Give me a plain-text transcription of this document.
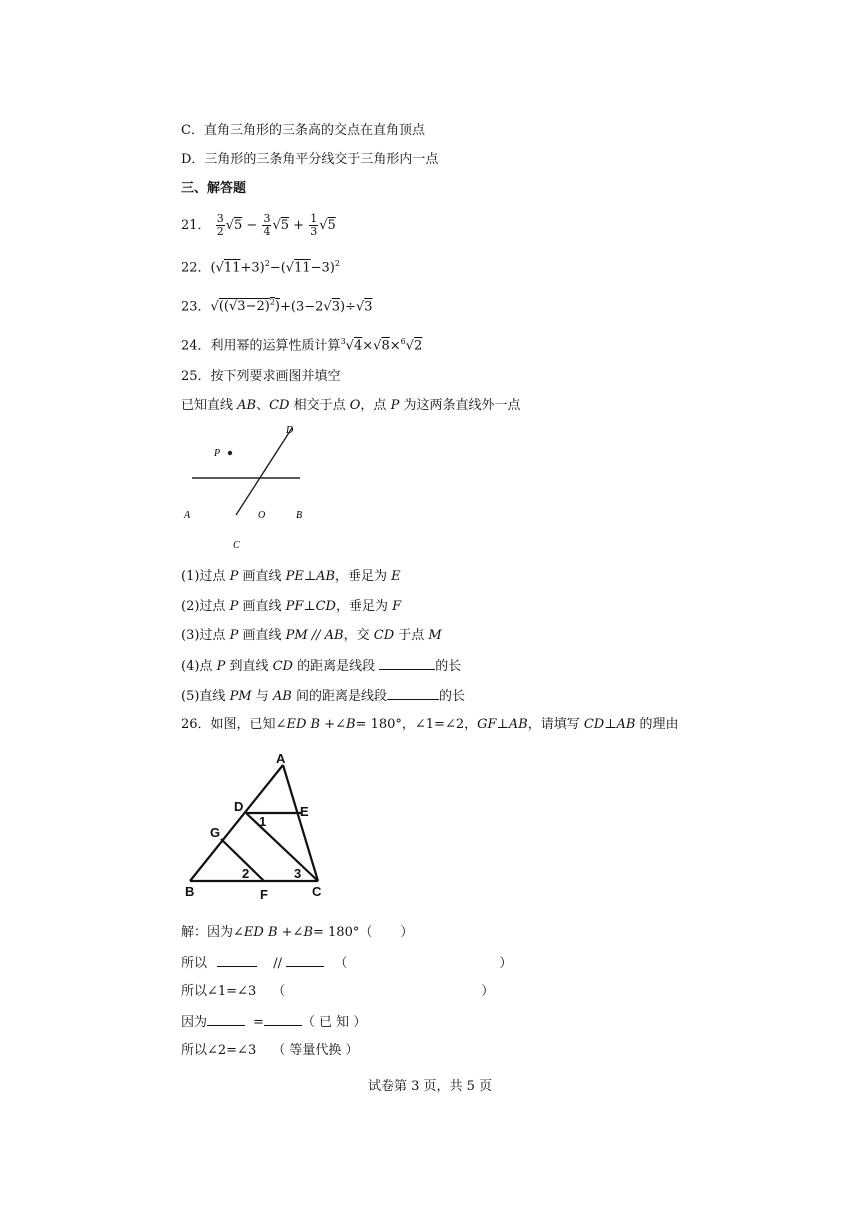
C．直角三角形的三条高的交点在直角顶点
D．三角形的三条角平分线交于三角形内一点
三、解答题
21． $\frac{3}{2} √5 - \frac{3}{4} √5 + \frac{1}{3} √5$
22．$(√11+3)^2-(√11-3)^2$
23．$√((√3-2)^2)+(3-2√3)\div√3$
24．利用幂的运算性质计算$^3$√4×√8×$^6$√2
25．按下列要求画图并填空
已知直线 AB、CD 相交于点 O，点 P 为这两条直线外一点
P
D
A	O	B
C
(1)过点 P 画直线 PE⊥AB，垂足为 E
(2)过点 P 画直线 PF⊥CD，垂足为 F
(3)过点 P 画直线 PM // AB，交 CD 于点 M
(4)点 P 到直线 CD 的距离是线段	的长
(5)直线 PM 与 AB 间的距离是线段	的长
26．如图，已知∠ED B +∠B= 180°，∠1=∠2，GF⊥AB，请填写 CD⊥AB 的理由
A
D	E
G
1
2	3
B	F	C
解：因为∠ED B +∠B= 180°（ ）
所以	//	（	）
所以∠1=∠3 （	）
因为	=	（ 已 知 ）
所以∠2=∠3 （ 等量代换 ）
试卷第 3 页，共 5 页
